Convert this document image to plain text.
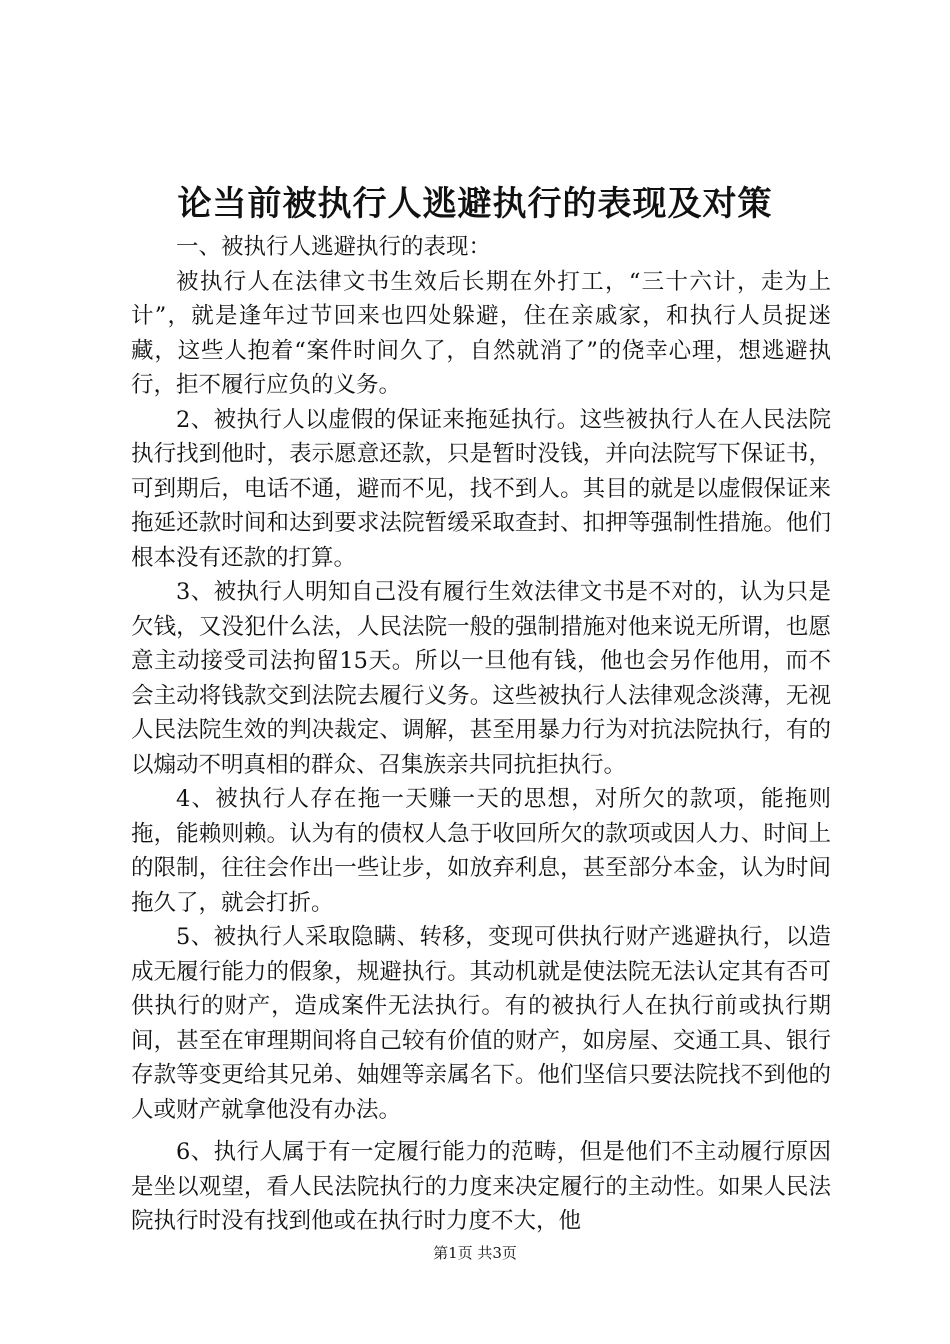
论当前被执行人逃避执行的表现及对策

一、被执行人逃避执行的表现：

被执行人在法律文书生效后长期在外打工，“三十六计，走为上计”，就是逢年过节回来也四处躲避，住在亲戚家，和执行人员捉迷藏，这些人抱着“案件时间久了，自然就消了”的侥幸心理，想逃避执行，拒不履行应负的义务。

2、被执行人以虚假的保证来拖延执行。这些被执行人在人民法院执行找到他时，表示愿意还款，只是暂时没钱，并向法院写下保证书，可到期后，电话不通，避而不见，找不到人。其目的就是以虚假保证来拖延还款时间和达到要求法院暂缓采取查封、扣押等强制性措施。他们根本没有还款的打算。

3、被执行人明知自己没有履行生效法律文书是不对的，认为只是欠钱，又没犯什么法，人民法院一般的强制措施对他来说无所谓，也愿意主动接受司法拘留15天。所以一旦他有钱，他也会另作他用，而不会主动将钱款交到法院去履行义务。这些被执行人法律观念淡薄，无视人民法院生效的判决裁定、调解，甚至用暴力行为对抗法院执行，有的以煽动不明真相的群众、召集族亲共同抗拒执行。

4、被执行人存在拖一天赚一天的思想，对所欠的款项，能拖则拖，能赖则赖。认为有的债权人急于收回所欠的款项或因人力、时间上的限制，往往会作出一些让步，如放弃利息，甚至部分本金，认为时间拖久了，就会打折。

5、被执行人采取隐瞒、转移，变现可供执行财产逃避执行，以造成无履行能力的假象，规避执行。其动机就是使法院无法认定其有否可供执行的财产，造成案件无法执行。有的被执行人在执行前或执行期间，甚至在审理期间将自己较有价值的财产，如房屋、交通工具、银行存款等变更给其兄弟、妯娌等亲属名下。他们坚信只要法院找不到他的人或财产就拿他没有办法。

6、执行人属于有一定履行能力的范畴，但是他们不主动履行原因是坐以观望，看人民法院执行的力度来决定履行的主动性。如果人民法院执行时没有找到他或在执行时力度不大，他

第1页 共3页
